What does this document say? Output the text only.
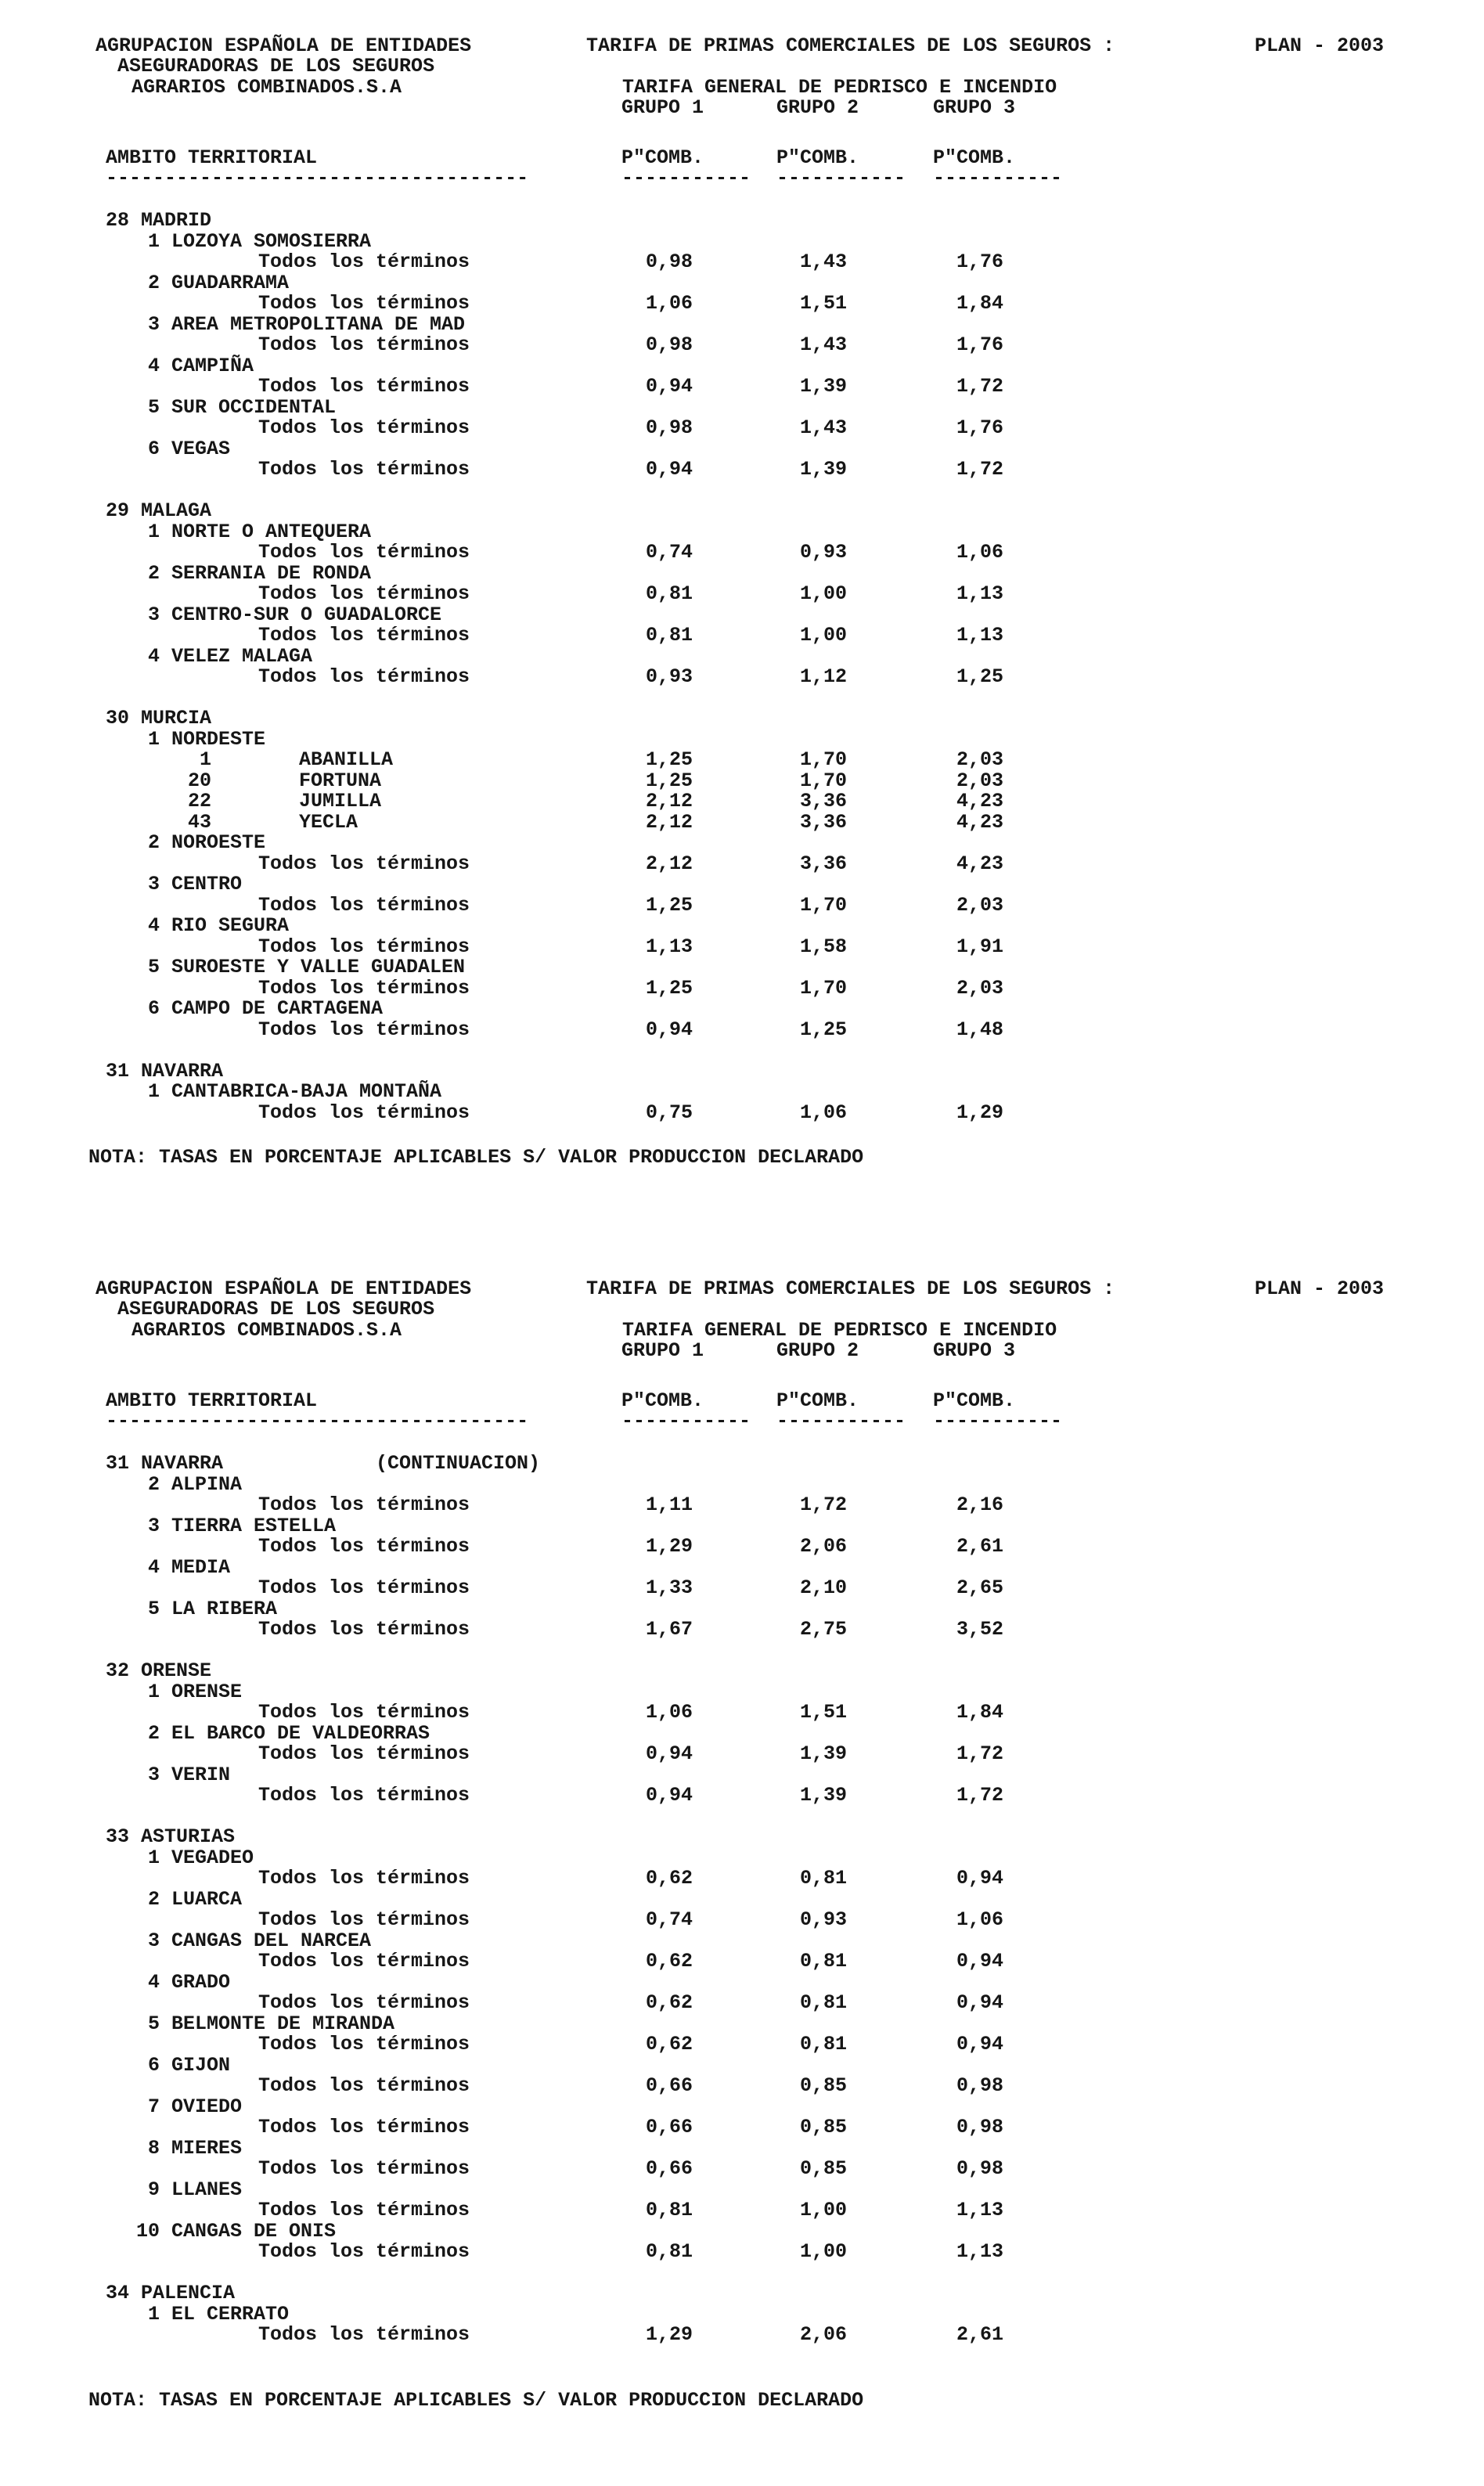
AGRUPACION ESPAÑOLA DE ENTIDADES
ASEGURADORAS DE LOS SEGUROS
AGRARIOS COMBINADOS.S.A
TARIFA DE PRIMAS COMERCIALES DE LOS SEGUROS :	PLAN - 2003
TARIFA GENERAL DE PEDRISCO E INCENDIO
GRUPO 1	GRUPO 2	GRUPO 3
AMBITO TERRITORIAL
------------------------------------
P"COMB.	P"COMB.	P"COMB.
----------- ----------- -----------
28 MADRID
1 LOZOYA SOMOSIERRA
Todos los términos	0,98	1,43	1,76
2 GUADARRAMA
Todos los términos	1,06	1,51	1,84
3 AREA METROPOLITANA DE MAD
Todos los términos	0,98	1,43	1,76
4 CAMPIÑA
Todos los términos	0,94	1,39	1,72
5 SUR OCCIDENTAL
Todos los términos	0,98	1,43	1,76
6 VEGAS
Todos los términos	0,94	1,39	1,72
29 MALAGA
1 NORTE O ANTEQUERA
Todos los términos	0,74	0,93	1,06
2 SERRANIA DE RONDA
Todos los términos	0,81	1,00	1,13
3 CENTRO-SUR O GUADALORCE
Todos los términos	0,81	1,00	1,13
4 VELEZ MALAGA
Todos los términos	0,93	1,12	1,25
30 MURCIA
1 NORDESTE
1	ABANILLA	1,25	1,70	2,03
20	FORTUNA	1,25	1,70	2,03
22	JUMILLA	2,12	3,36	4,23
43	YECLA	2,12	3,36	4,23
2 NOROESTE
Todos los términos	2,12	3,36	4,23
3 CENTRO
Todos los términos	1,25	1,70	2,03
4 RIO SEGURA
Todos los términos	1,13	1,58	1,91
5 SUROESTE Y VALLE GUADALEN
Todos los términos	1,25	1,70	2,03
6 CAMPO DE CARTAGENA
Todos los términos	0,94	1,25	1,48
31 NAVARRA
1 CANTABRICA-BAJA MONTAÑA
Todos los términos	0,75	1,06	1,29
NOTA: TASAS EN PORCENTAJE APLICABLES S/ VALOR PRODUCCION DECLARADO
AGRUPACION ESPAÑOLA DE ENTIDADES
ASEGURADORAS DE LOS SEGUROS
AGRARIOS COMBINADOS.S.A
TARIFA DE PRIMAS COMERCIALES DE LOS SEGUROS :	PLAN - 2003
TARIFA GENERAL DE PEDRISCO E INCENDIO
GRUPO 1	GRUPO 2	GRUPO 3
AMBITO TERRITORIAL
------------------------------------
P"COMB.	P"COMB.	P"COMB.
----------- ----------- -----------
31 NAVARRA	(CONTINUACION)
2 ALPINA
Todos los términos	1,11	1,72	2,16
3 TIERRA ESTELLA
Todos los términos	1,29	2,06	2,61
4 MEDIA
Todos los términos	1,33	2,10	2,65
5 LA RIBERA
Todos los términos	1,67	2,75	3,52
32 ORENSE
1 ORENSE
Todos los términos	1,06	1,51	1,84
2 EL BARCO DE VALDEORRAS
Todos los términos	0,94	1,39	1,72
3 VERIN
Todos los términos	0,94	1,39	1,72
33 ASTURIAS
1 VEGADEO
Todos los términos	0,62	0,81	0,94
2 LUARCA
Todos los términos	0,74	0,93	1,06
3 CANGAS DEL NARCEA
Todos los términos	0,62	0,81	0,94
4 GRADO
Todos los términos	0,62	0,81	0,94
5 BELMONTE DE MIRANDA
Todos los términos	0,62	0,81	0,94
6 GIJON
Todos los términos	0,66	0,85	0,98
7 OVIEDO
Todos los términos	0,66	0,85	0,98
8 MIERES
Todos los términos	0,66	0,85	0,98
9 LLANES
Todos los términos	0,81	1,00	1,13
10 CANGAS DE ONIS
Todos los términos	0,81	1,00	1,13
34 PALENCIA
1 EL CERRATO
Todos los términos	1,29	2,06	2,61
NOTA: TASAS EN PORCENTAJE APLICABLES S/ VALOR PRODUCCION DECLARADO
